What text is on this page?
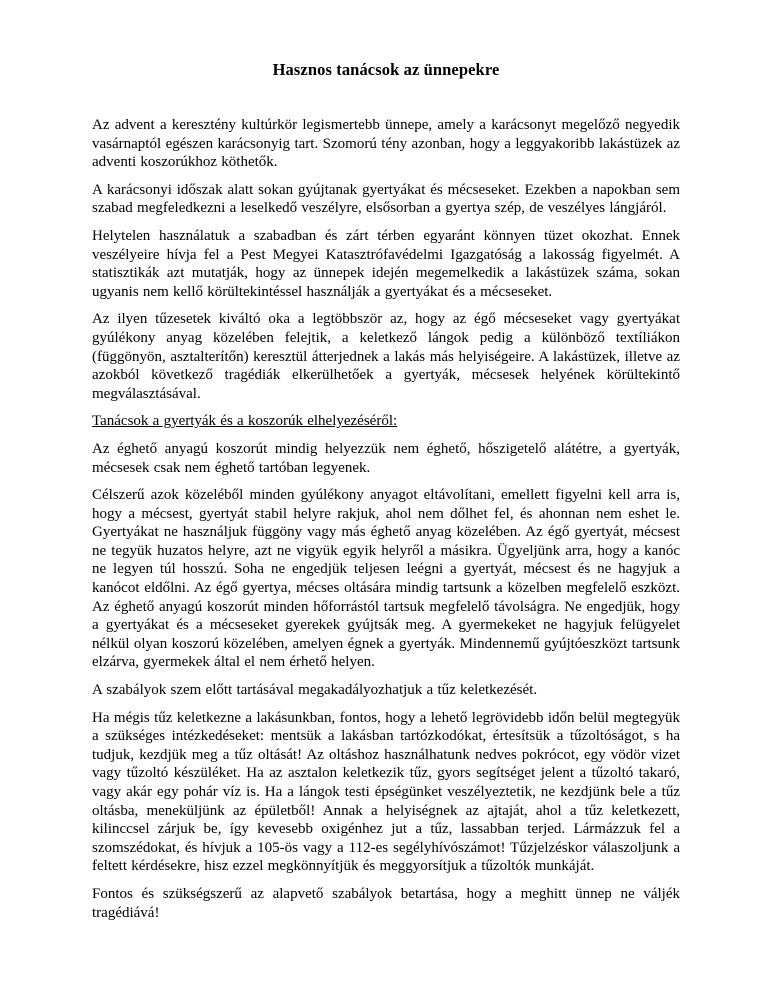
Hasznos tanácsok az ünnepekre

Az advent a keresztény kultúrkör legismertebb ünnepe, amely a karácsonyt megelőző negyedik vasárnaptól egészen karácsonyig tart. Szomorú tény azonban, hogy a leggyakoribb lakástüzek az adventi koszorúkhoz köthetők.

A karácsonyi időszak alatt sokan gyújtanak gyertyákat és mécseseket. Ezekben a napokban sem szabad megfeledkezni a leselkedő veszélyre, elsősorban a gyertya szép, de veszélyes lángjáról.

Helytelen használatuk a szabadban és zárt térben egyaránt könnyen tüzet okozhat. Ennek veszélyeire hívja fel a Pest Megyei Katasztrófavédelmi Igazgatóság a lakosság figyelmét. A statisztikák azt mutatják, hogy az ünnepek idején megemelkedik a lakástüzek száma, sokan ugyanis nem kellő körültekintéssel használják a gyertyákat és a mécseseket.

Az ilyen tűzesetek kiváltó oka a legtöbbször az, hogy az égő mécseseket vagy gyertyákat gyúlékony anyag közelében felejtik, a keletkező lángok pedig a különböző textíliákon (függönyön, asztalterítőn) keresztül átterjednek a lakás más helyiségeire. A lakástüzek, illetve az azokból következő tragédiák elkerülhetőek a gyertyák, mécsesek helyének körültekintő megválasztásával.

Tanácsok a gyertyák és a koszorúk elhelyezéséről:

Az éghető anyagú koszorút mindig helyezzük nem éghető, hőszigetelő alátétre, a gyertyák, mécsesek csak nem éghető tartóban legyenek.

Célszerű azok közeléből minden gyúlékony anyagot eltávolítani, emellett figyelni kell arra is, hogy a mécsest, gyertyát stabil helyre rakjuk, ahol nem dőlhet fel, és ahonnan nem eshet le. Gyertyákat ne használjuk függöny vagy más éghető anyag közelében. Az égő gyertyát, mécsest ne tegyük huzatos helyre, azt ne vigyük egyik helyről a másikra. Ügyeljünk arra, hogy a kanóc ne legyen túl hosszú. Soha ne engedjük teljesen leégni a gyertyát, mécsest és ne hagyjuk a kanócot eldőlni. Az égő gyertya, mécses oltására mindig tartsunk a közelben megfelelő eszközt. Az éghető anyagú koszorút minden hőforrástól tartsuk megfelelő távolságra. Ne engedjük, hogy a gyertyákat és a mécseseket gyerekek gyújtsák meg. A gyermekeket ne hagyjuk felügyelet nélkül olyan koszorú közelében, amelyen égnek a gyertyák. Mindennemű gyújtóeszközt tartsunk elzárva, gyermekek által el nem érhető helyen.

A szabályok szem előtt tartásával megakadályozhatjuk a tűz keletkezését.

Ha mégis tűz keletkezne a lakásunkban, fontos, hogy a lehető legrövidebb időn belül megtegyük a szükséges intézkedéseket: mentsük a lakásban tartózkodókat, értesítsük a tűzoltóságot, s ha tudjuk, kezdjük meg a tűz oltását! Az oltáshoz használhatunk nedves pokrócot, egy vödör vizet vagy tűzoltó készüléket. Ha az asztalon keletkezik tűz, gyors segítséget jelent a tűzoltó takaró, vagy akár egy pohár víz is. Ha a lángok testi épségünket veszélyeztetik, ne kezdjünk bele a tűz oltásba, meneküljünk az épületből! Annak a helyiségnek az ajtaját, ahol a tűz keletkezett, kilinccsel zárjuk be, így kevesebb oxigénhez jut a tűz, lassabban terjed. Lármázzuk fel a szomszédokat, és hívjuk a 105-ös vagy a 112-es segélyhívószámot! Tűzjelzéskor válaszoljunk a feltett kérdésekre, hisz ezzel megkönnyítjük és meggyorsítjuk a tűzoltók munkáját.

Fontos és szükségszerű az alapvető szabályok betartása, hogy a meghitt ünnep ne váljék tragédiává!
